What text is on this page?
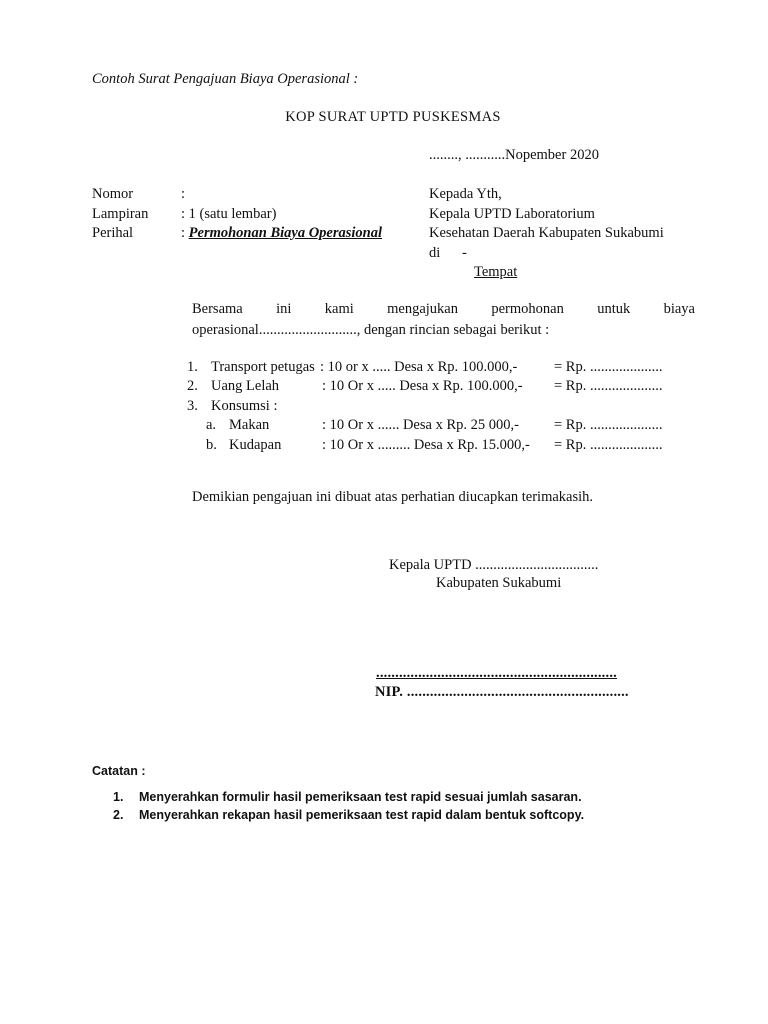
Contoh Surat Pengajuan Biaya Operasional :
KOP SURAT UPTD PUSKESMAS
........, ...........Nopember 2020
Nomor	:
Lampiran : 1 (satu lembar)
Perihal	: Permohonan Biaya Operasional
Kepada Yth,
Kepala UPTD Laboratorium
Kesehatan Daerah Kabupaten Sukabumi
di -
Tempat
Bersama ini kami mengajukan permohonan untuk biaya
operasional..........................., dengan rincian sebagai berikut :
1. Transport petugas : 10 or x ..... Desa x Rp. 100.000,-	= Rp. ....................
2. Uang Lelah	: 10 Or x ..... Desa x Rp. 100.000,- = Rp. ....................
3. Konsumsi :
a. Makan	: 10 Or x ...... Desa x Rp. 25 000,- = Rp. ....................
b. Kudapan	: 10 Or x ......... Desa x Rp. 15.000,- = Rp. ....................
Demikian pengajuan ini dibuat atas perhatian diucapkan terimakasih.
Kepala UPTD ..................................
Kabupaten Sukabumi
...............................................................
NIP. ..........................................................
Catatan :
1. Menyerahkan formulir hasil pemeriksaan test rapid sesuai jumlah sasaran.
2. Menyerahkan rekapan hasil pemeriksaan test rapid dalam bentuk softcopy.
